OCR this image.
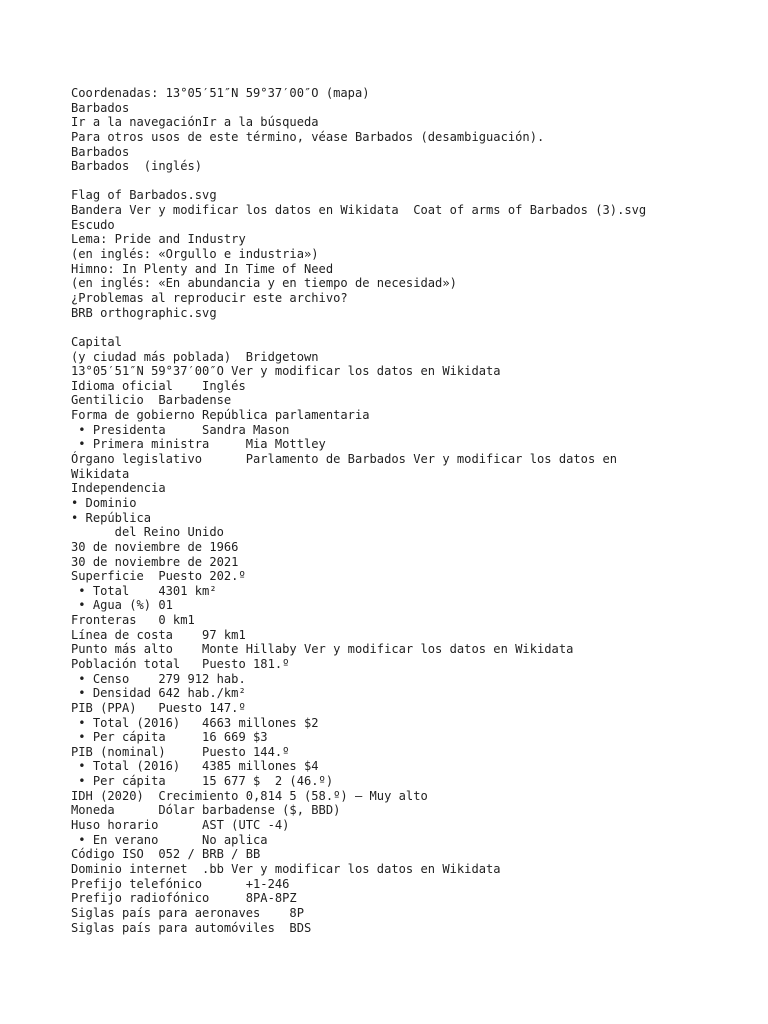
Coordenadas: 13°05′51″N 59°37′00″O (mapa)
Barbados
Ir a la navegaciónIr a la búsqueda
Para otros usos de este término, véase Barbados (desambiguación).
Barbados
Barbados  (inglés)
Flag of Barbados.svg
Bandera Ver y modificar los datos en Wikidata  Coat of arms of Barbados (3).svg
Escudo
Lema: Pride and Industry
(en inglés: «Orgullo e industria»)
Himno: In Plenty and In Time of Need
(en inglés: «En abundancia y en tiempo de necesidad»)
¿Problemas al reproducir este archivo?
BRB orthographic.svg
Capital
(y ciudad más poblada)  Bridgetown
13°05′51″N 59°37′00″O Ver y modificar los datos en Wikidata
Idioma oficial    Inglés
Gentilicio  Barbadense
Forma de gobierno República parlamentaria
• Presidenta     Sandra Mason
• Primera ministra     Mia Mottley
Órgano legislativo      Parlamento de Barbados Ver y modificar los datos en
Wikidata
Independencia
• Dominio
• República
del Reino Unido
30 de noviembre de 1966
30 de noviembre de 2021
Superficie  Puesto 202.º
• Total    4301 km²
• Agua (%) 01
Fronteras   0 km1
Línea de costa    97 km1
Punto más alto    Monte Hillaby Ver y modificar los datos en Wikidata
Población total   Puesto 181.º
• Censo    279 912 hab.
• Densidad 642 hab./km²
PIB (PPA)   Puesto 147.º
• Total (2016)   4663 millones $2
• Per cápita     16 669 $3
PIB (nominal)     Puesto 144.º
• Total (2016)   4385 millones $4
• Per cápita     15 677 $  2 (46.º)
IDH (2020)  Crecimiento 0,814 5 (58.º) – Muy alto
Moneda      Dólar barbadense ($, BBD)
Huso horario      AST (UTC -4)
• En verano      No aplica
Código ISO  052 / BRB / BB
Dominio internet  .bb Ver y modificar los datos en Wikidata
Prefijo telefónico      +1-246
Prefijo radiofónico     8PA-8PZ
Siglas país para aeronaves    8P
Siglas país para automóviles  BDS
